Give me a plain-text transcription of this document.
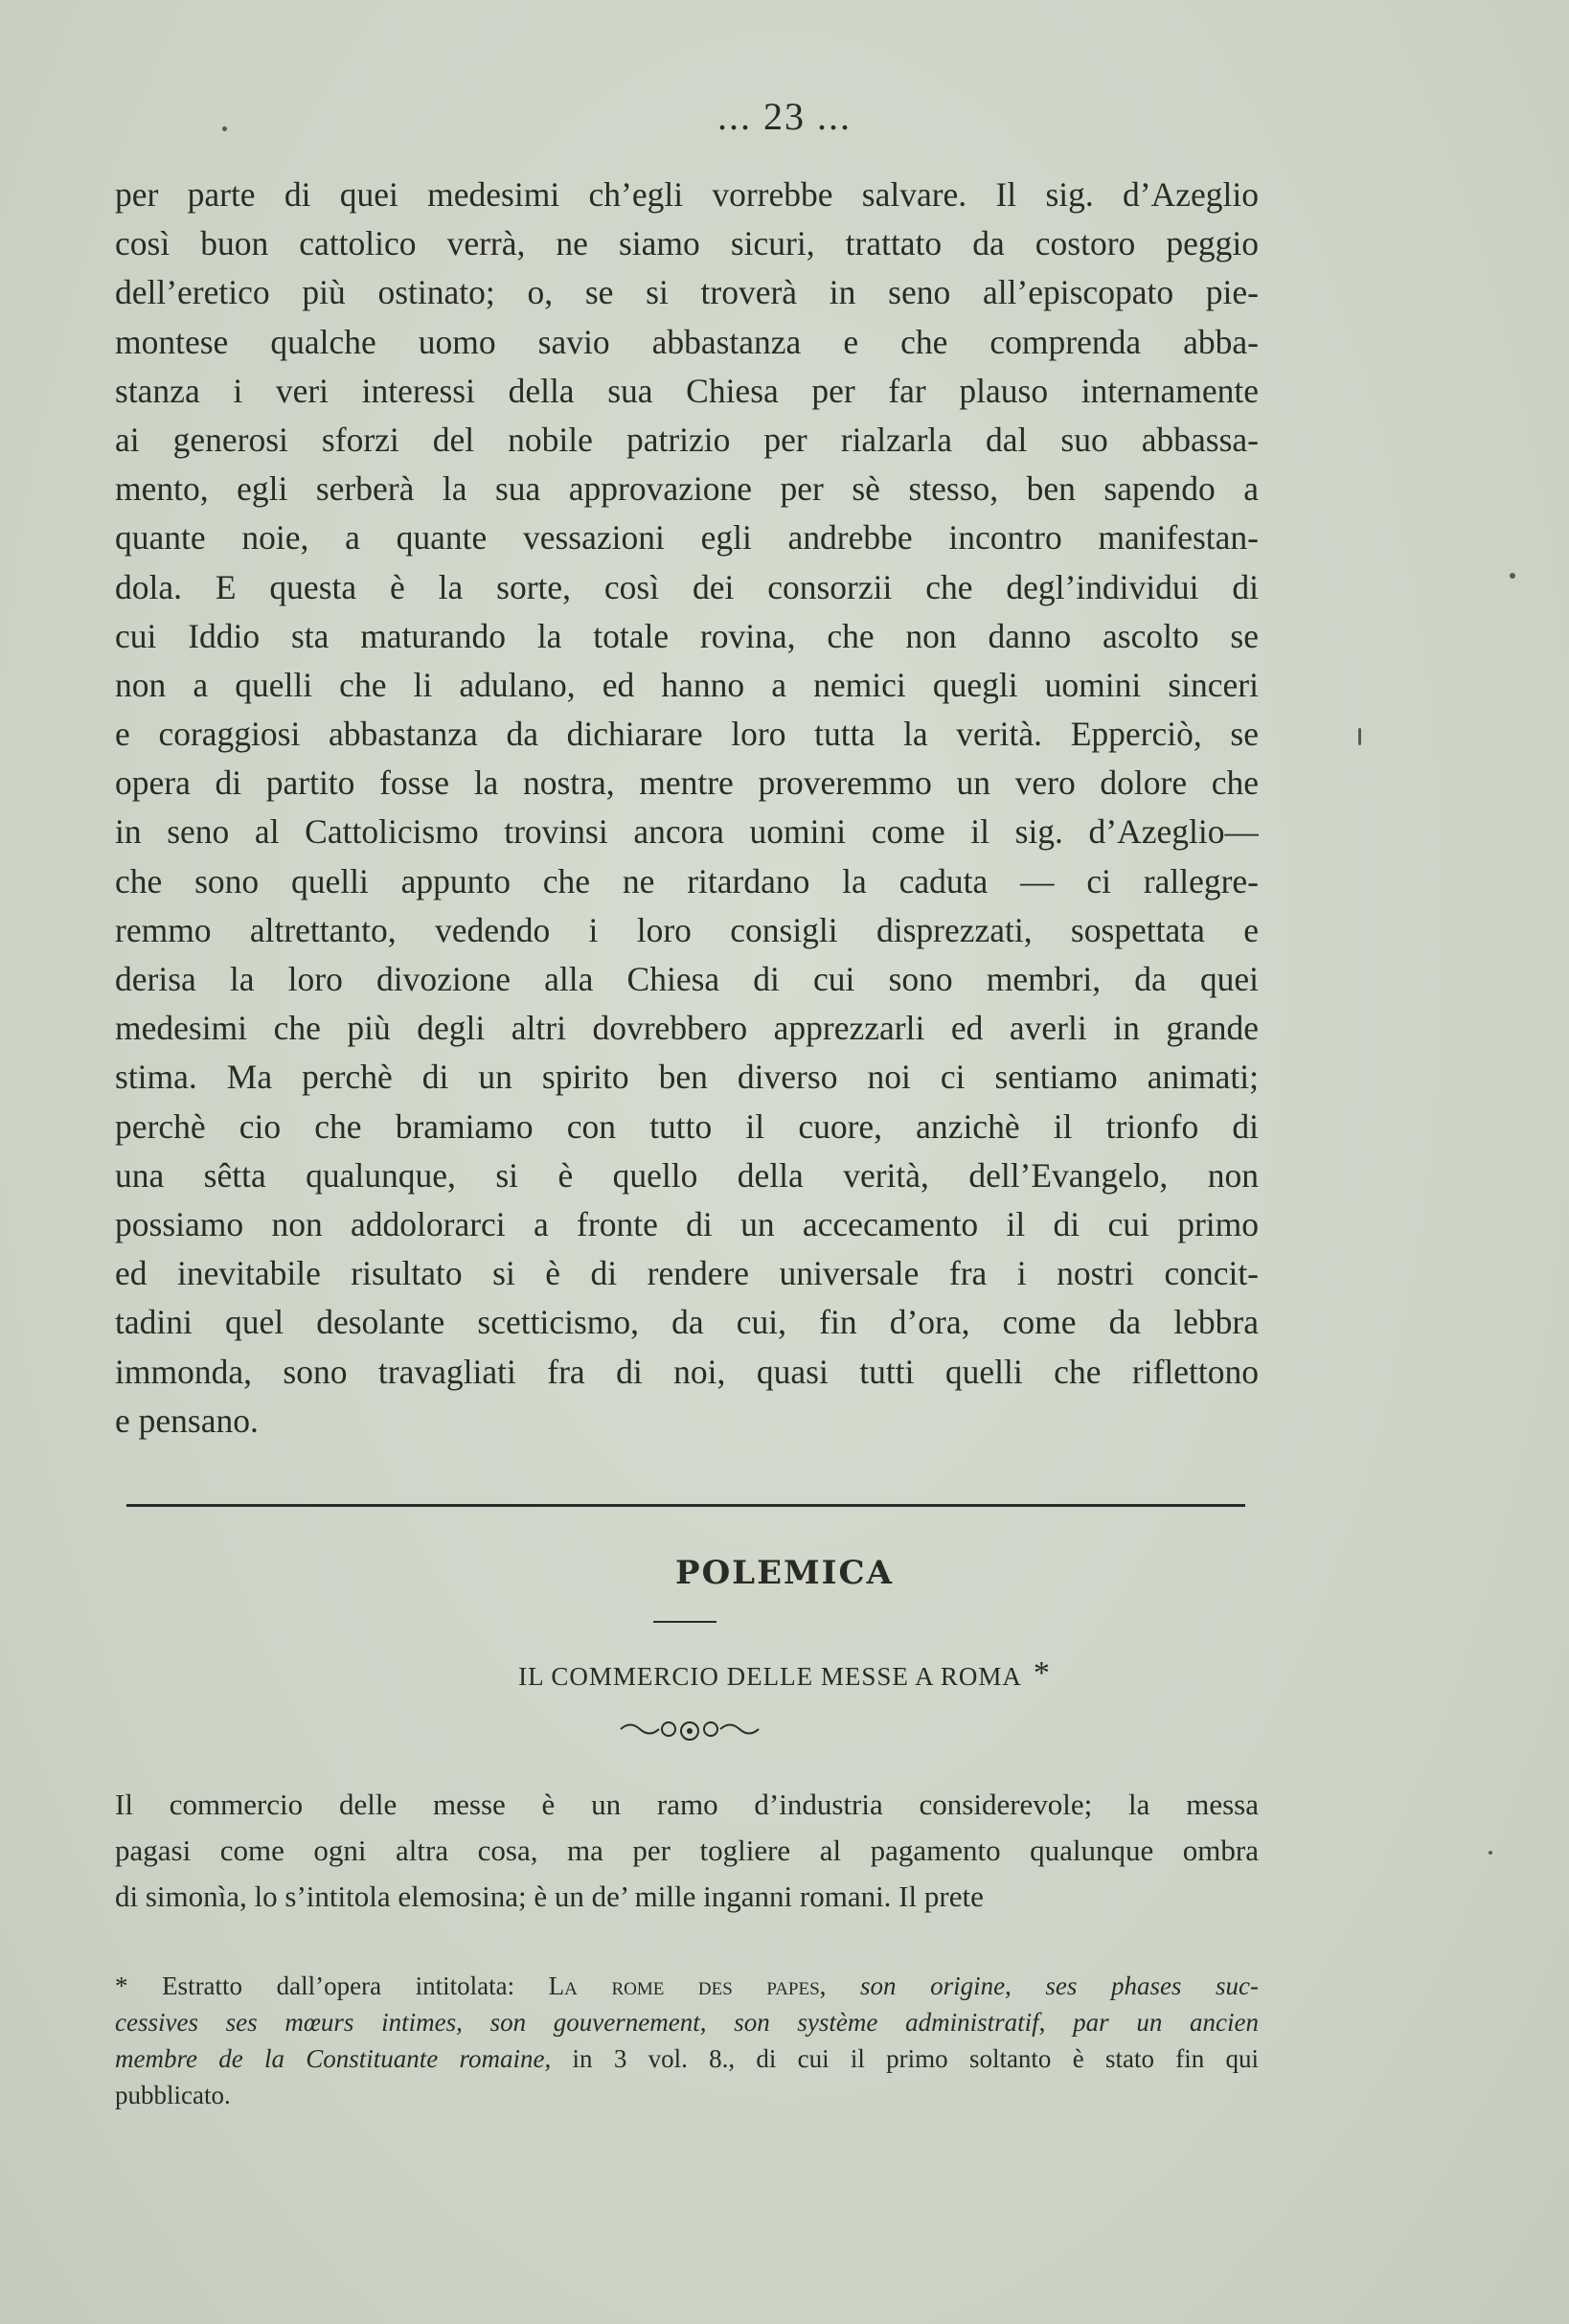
... 23 ...
per parte di quei medesimi ch’egli vorrebbe salvare. Il sig. d’Azeglio
così buon cattolico verrà, ne siamo sicuri, trattato da costoro peggio
dell’eretico più ostinato; o, se si troverà in seno all’episcopato pie-
montese qualche uomo savio abbastanza e che comprenda abba-
stanza i veri interessi della sua Chiesa per far plauso internamente
ai generosi sforzi del nobile patrizio per rialzarla dal suo abbassa-
mento, egli serberà la sua approvazione per sè stesso, ben sapendo a
quante noie, a quante vessazioni egli andrebbe incontro manifestan-
dola. E questa è la sorte, così dei consorzii che degl’individui di
cui Iddio sta maturando la totale rovina, che non danno ascolto se
non a quelli che li adulano, ed hanno a nemici quegli uomini sinceri
e coraggiosi abbastanza da dichiarare loro tutta la verità. Epperciò, se
opera di partito fosse la nostra, mentre proveremmo un vero dolore che
in seno al Cattolicismo trovinsi ancora uomini come il sig. d’Azeglio—
che sono quelli appunto che ne ritardano la caduta — ci rallegre-
remmo altrettanto, vedendo i loro consigli disprezzati, sospettata e
derisa la loro divozione alla Chiesa di cui sono membri, da quei
medesimi che più degli altri dovrebbero apprezzarli ed averli in grande
stima. Ma perchè di un spirito ben diverso noi ci sentiamo animati;
perchè cio che bramiamo con tutto il cuore, anzichè il trionfo di
una sêtta qualunque, si è quello della verità, dell’Evangelo, non
possiamo non addolorarci a fronte di un accecamento il di cui primo
ed inevitabile risultato si è di rendere universale fra i nostri concit-
tadini quel desolante scetticismo, da cui, fin d’ora, come da lebbra
immonda, sono travagliati fra di noi, quasi tutti quelli che riflettono
e pensano.
POLEMICA
IL COMMERCIO DELLE MESSE A ROMA *
Il commercio delle messe è un ramo d’industria considerevole; la messa
pagasi come ogni altra cosa, ma per togliere al pagamento qualunque ombra
di simonìa, lo s’intitola elemosina; è un de’ mille inganni romani. Il prete
* Estratto dall’opera intitolata: La rome des papes, son origine, ses phases suc-
cessives ses mœurs intimes, son gouvernement, son système administratif, par un ancien
membre de la Constituante romaine, in 3 vol. 8., di cui il primo soltanto è stato fin qui
pubblicato.
